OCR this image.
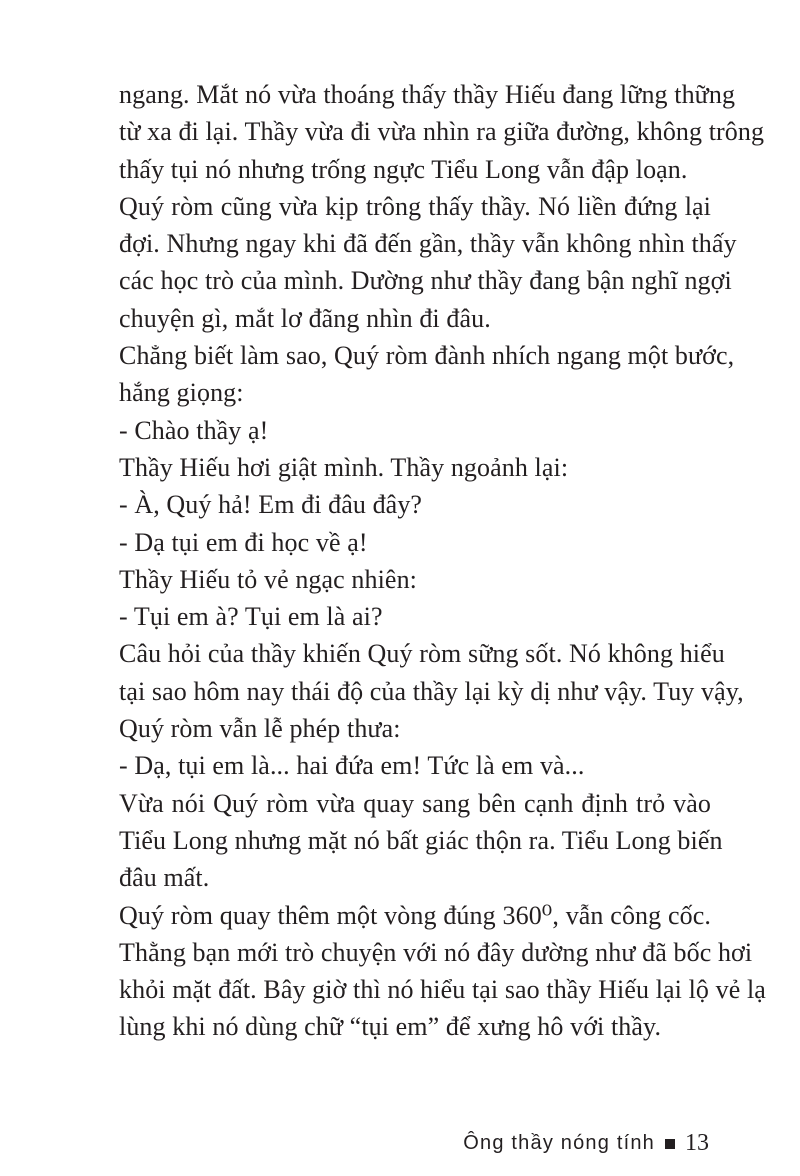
ngang. Mắt nó vừa thoáng thấy thầy Hiếu đang lững thững
từ xa đi lại. Thầy vừa đi vừa nhìn ra giữa đường, không trông
thấy tụi nó nhưng trống ngực Tiểu Long vẫn đập loạn.
Quý ròm cũng vừa kịp trông thấy thầy. Nó liền đứng lại
đợi. Nhưng ngay khi đã đến gần, thầy vẫn không nhìn thấy
các học trò của mình. Dường như thầy đang bận nghĩ ngợi
chuyện gì, mắt lơ đãng nhìn đi đâu.
Chẳng biết làm sao, Quý ròm đành nhích ngang một bước,
hắng giọng:
- Chào thầy ạ!
Thầy Hiếu hơi giật mình. Thầy ngoảnh lại:
- À, Quý hả! Em đi đâu đây?
- Dạ tụi em đi học về ạ!
Thầy Hiếu tỏ vẻ ngạc nhiên:
- Tụi em à? Tụi em là ai?
Câu hỏi của thầy khiến Quý ròm sững sốt. Nó không hiểu
tại sao hôm nay thái độ của thầy lại kỳ dị như vậy. Tuy vậy,
Quý ròm vẫn lễ phép thưa:
- Dạ, tụi em là... hai đứa em! Tức là em và...
Vừa nói Quý ròm vừa quay sang bên cạnh định trỏ vào
Tiểu Long nhưng mặt nó bất giác thộn ra. Tiểu Long biến
đâu mất.
Quý ròm quay thêm một vòng đúng 360⁰, vẫn công cốc.
Thằng bạn mới trò chuyện với nó đây dường như đã bốc hơi
khỏi mặt đất. Bây giờ thì nó hiểu tại sao thầy Hiếu lại lộ vẻ lạ
lùng khi nó dùng chữ “tụi em” để xưng hô với thầy.
Ông thầy nóng tính 13
